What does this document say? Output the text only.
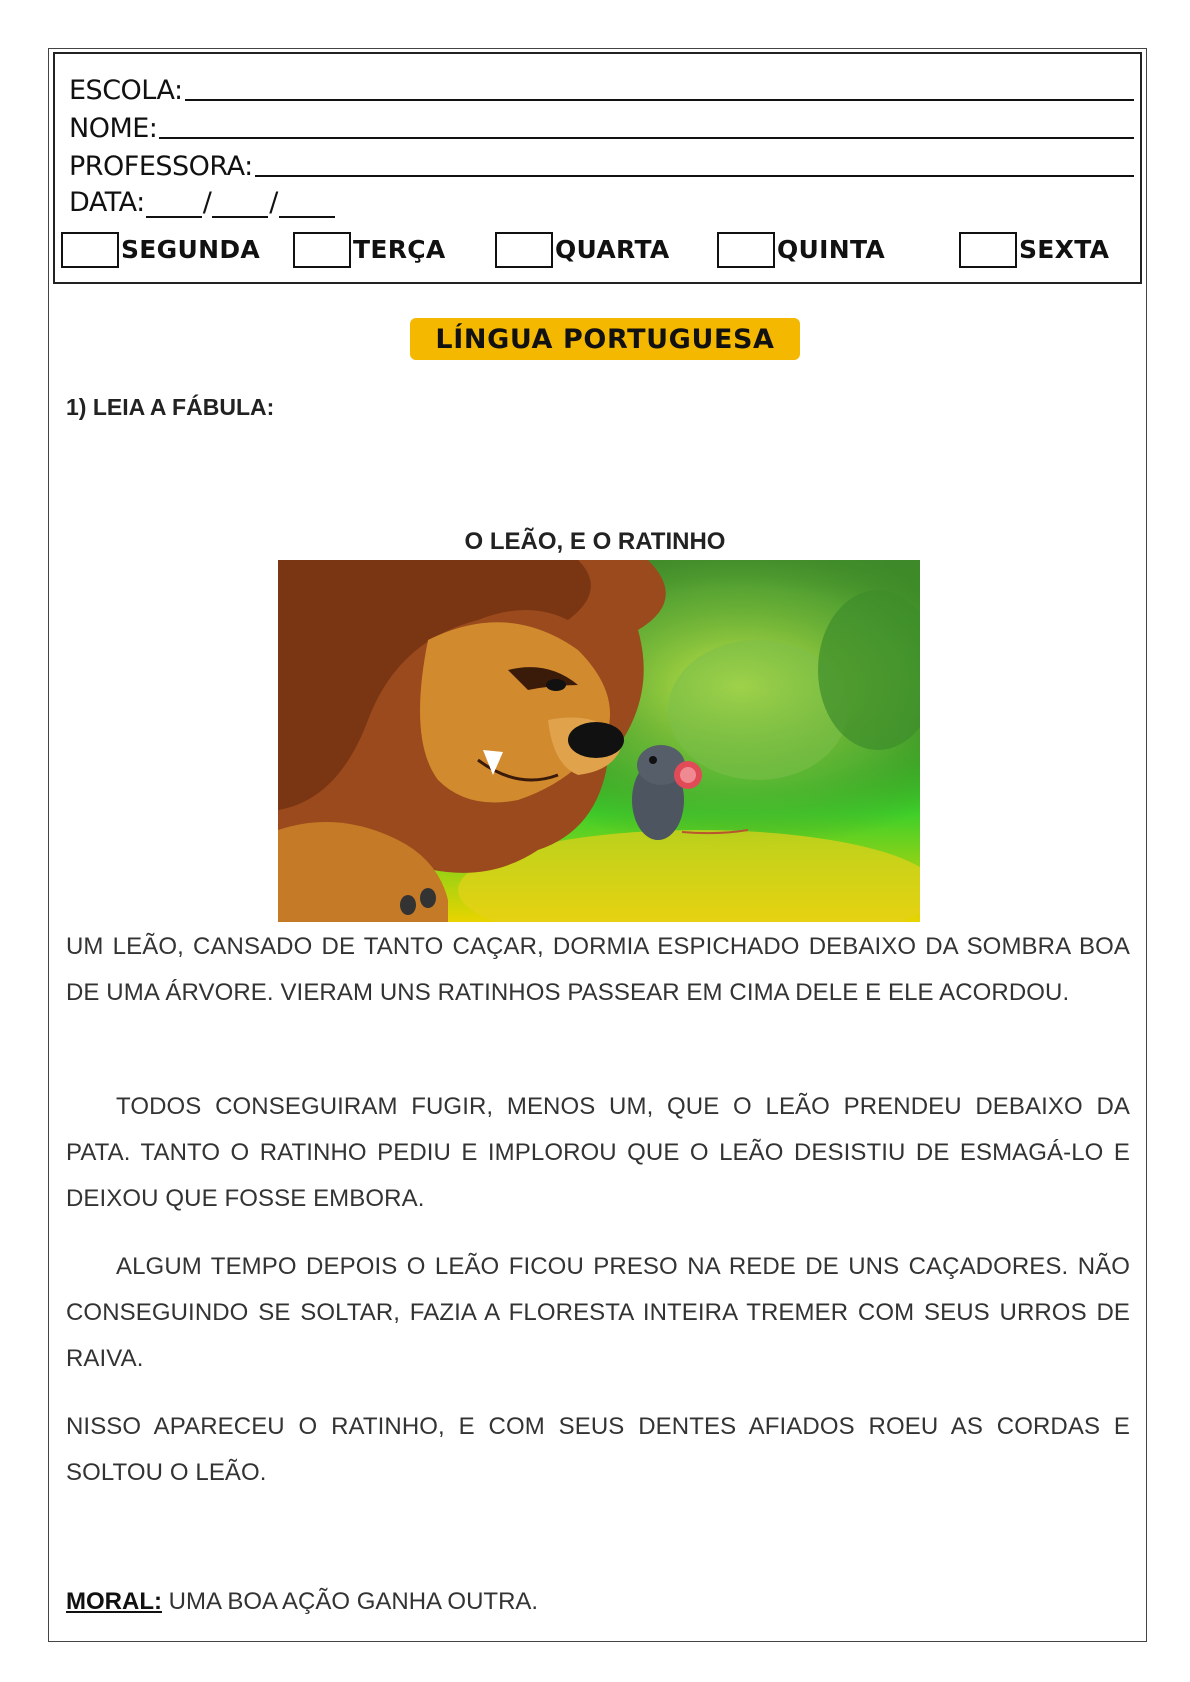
ESCOLA:
NOME:
PROFESSORA:
DATA: / /
SEGUNDA	TERÇA	QUARTA	QUINTA	SEXTA
LÍNGUA PORTUGUESA
1) LEIA A FÁBULA:
O LEÃO, E O RATINHO

UM LEÃO, CANSADO DE TANTO CAÇAR, DORMIA ESPICHADO DEBAIXO DA SOMBRA BOA DE UMA ÁRVORE. VIERAM UNS RATINHOS PASSEAR EM CIMA DELE E ELE ACORDOU.

TODOS CONSEGUIRAM FUGIR, MENOS UM, QUE O LEÃO PRENDEU DEBAIXO DA PATA. TANTO O RATINHO PEDIU E IMPLOROU QUE O LEÃO DESISTIU DE ESMAGÁ-LO E DEIXOU QUE FOSSE EMBORA.

ALGUM TEMPO DEPOIS O LEÃO FICOU PRESO NA REDE DE UNS CAÇADORES. NÃO CONSEGUINDO SE SOLTAR, FAZIA A FLORESTA INTEIRA TREMER COM SEUS URROS DE RAIVA.

NISSO APARECEU O RATINHO, E COM SEUS DENTES AFIADOS ROEU AS CORDAS E SOLTOU O LEÃO.

MORAL: UMA BOA AÇÃO GANHA OUTRA.
